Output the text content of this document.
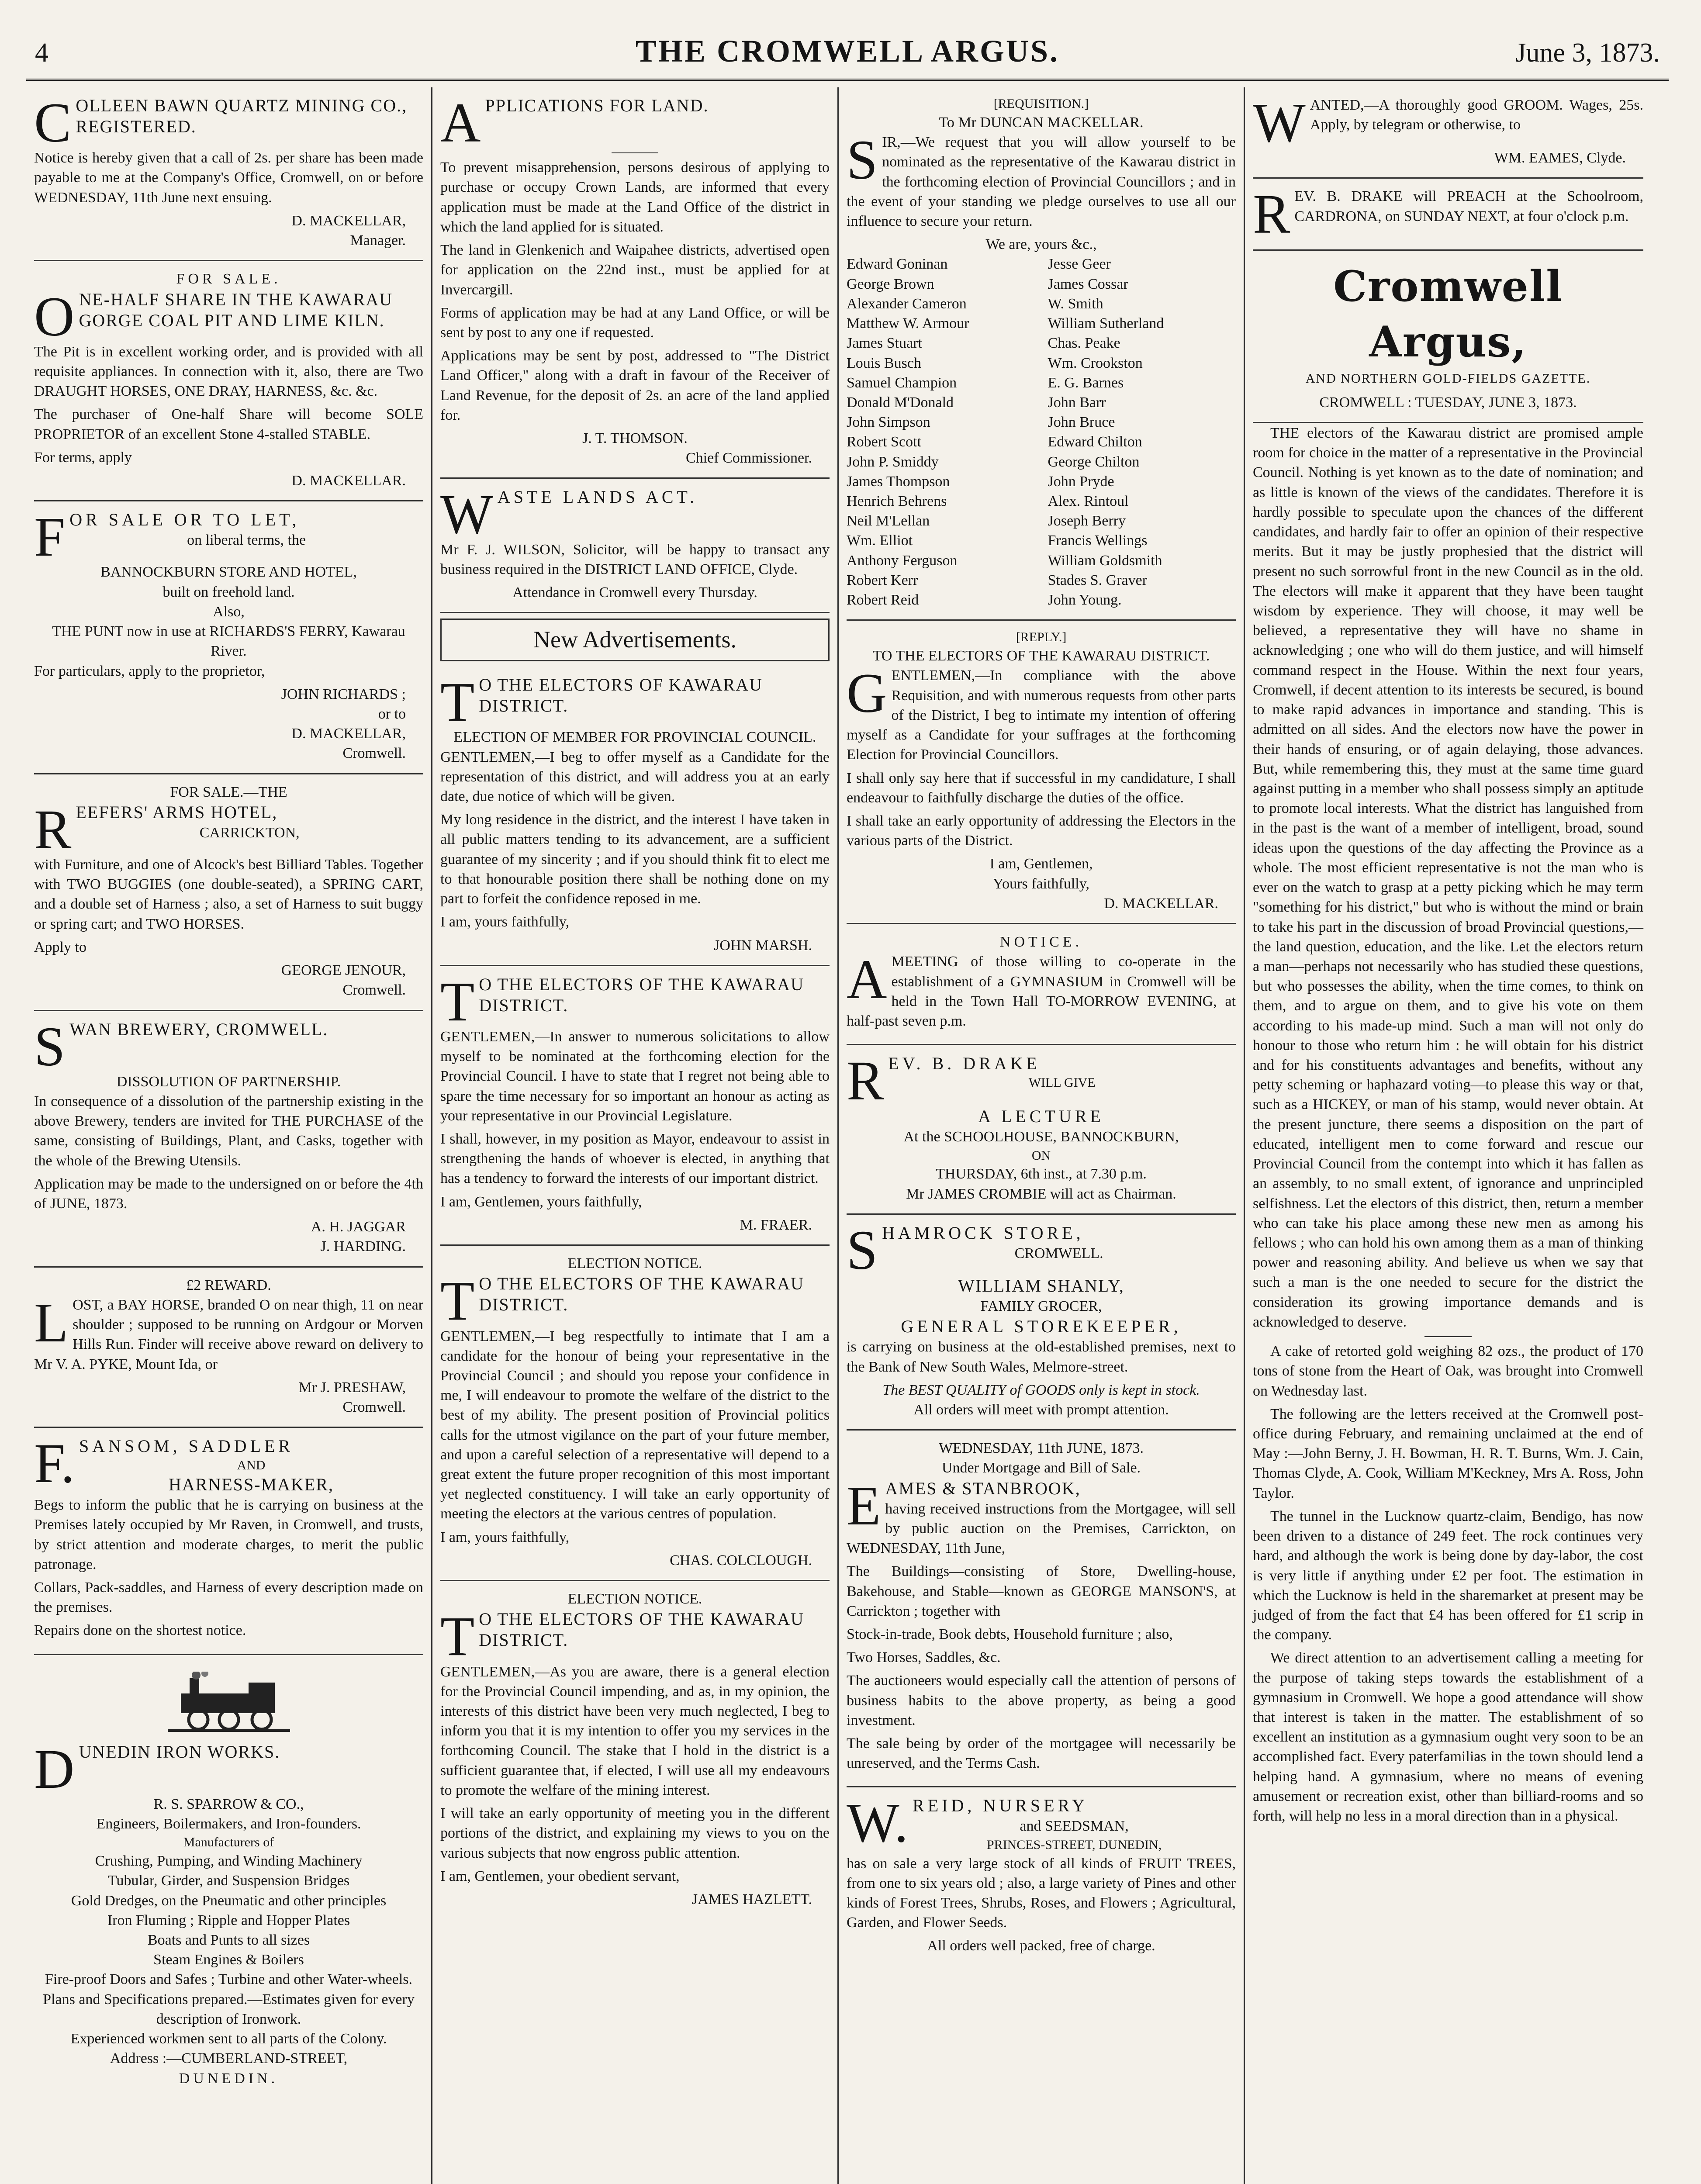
4	THE CROMWELL ARGUS.	June 3, 1873.
C OLLEEN BAWN QUARTZ MINING CO., REGISTERED.

Notice is hereby given that a call of 2s. per share has been made payable to me at the Company's Office, Cromwell, on or before WEDNESDAY, 11th June next ensuing.

D. MACKELLAR,
Manager.
FOR SALE.
O NE-HALF SHARE IN THE KAWARAU GORGE COAL PIT AND LIME KILN.

The Pit is in excellent working order, and is provided with all requisite appliances. In connection with it, also, there are Two DRAUGHT HORSES, ONE DRAY, HARNESS, &c. &c.

The purchaser of One-half Share will become SOLE PROPRIETOR of an excellent Stone 4-stalled STABLE.

For terms, apply

D. MACKELLAR.
F OR SALE OR TO LET,
on liberal terms, the
BANNOCKBURN STORE AND HOTEL,
built on freehold land.
Also,
THE PUNT now in use at RICHARDS'S FERRY, Kawarau River.

For particulars, apply to the proprietor,

JOHN RICHARDS ;
or to
D. MACKELLAR,
Cromwell.
FOR SALE.—THE
R EEFERS' ARMS HOTEL,
CARRICKTON,

with Furniture, and one of Alcock's best Billiard Tables. Together with TWO BUGGIES (one double-seated), a SPRING CART, and a double set of Harness ; also, a set of Harness to suit buggy or spring cart; and TWO HORSES.

Apply to

GEORGE JENOUR,
Cromwell.
S WAN BREWERY, CROMWELL.
DISSOLUTION OF PARTNERSHIP.

In consequence of a dissolution of the partnership existing in the above Brewery, tenders are invited for THE PURCHASE of the same, consisting of Buildings, Plant, and Casks, together with the whole of the Brewing Utensils.

Application may be made to the undersigned on or before the 4th of JUNE, 1873.

A. H. JAGGAR
J. HARDING.
£2 REWARD.
L OST, a BAY HORSE, branded O on near thigh, 11 on near shoulder ; supposed to be running on Ardgour or Morven Hills Run. Finder will receive above reward on delivery to Mr V. A. PYKE, Mount Ida, or

Mr J. PRESHAW,
Cromwell.
F. SANSOM, SADDLER
AND
HARNESS-MAKER,

Begs to inform the public that he is carrying on business at the Premises lately occupied by Mr Raven, in Cromwell, and trusts, by strict attention and moderate charges, to merit the public patronage.

Collars, Pack-saddles, and Harness of every description made on the premises.

Repairs done on the shortest notice.

D UNEDIN IRON WORKS.
R. S. SPARROW & CO.,
Engineers, Boilermakers, and Iron-founders.
Manufacturers of
Crushing, Pumping, and Winding Machinery
Tubular, Girder, and Suspension Bridges
Gold Dredges, on the Pneumatic and other principles
Iron Fluming ; Ripple and Hopper Plates
Boats and Punts to all sizes
Steam Engines & Boilers
Fire-proof Doors and Safes ; Turbine and other Water-wheels.
Plans and Specifications prepared.—Estimates given for every description of Ironwork.
Experienced workmen sent to all parts of the Colony.
Address :—CUMBERLAND-STREET,
DUNEDIN.
A PPLICATIONS FOR LAND.

To prevent misapprehension, persons desirous of applying to purchase or occupy Crown Lands, are informed that every application must be made at the Land Office of the district in which the land applied for is situated.

The land in Glenkenich and Waipahee districts, advertised open for application on the 22nd inst., must be applied for at Invercargill.

Forms of application may be had at any Land Office, or will be sent by post to any one if requested.

Applications may be sent by post, addressed to "The District Land Officer," along with a draft in favour of the Receiver of Land Revenue, for the deposit of 2s. an acre of the land applied for.

J. T. THOMSON.
Chief Commissioner.
W ASTE LANDS ACT.

Mr F. J. WILSON, Solicitor, will be happy to transact any business required in the DISTRICT LAND OFFICE, Clyde.

Attendance in Cromwell every Thursday.
New Advertisements.
T O THE ELECTORS OF KAWARAU DISTRICT.
ELECTION OF MEMBER FOR PROVINCIAL COUNCIL.

GENTLEMEN,—I beg to offer myself as a Candidate for the representation of this district, and will address you at an early date, due notice of which will be given.

My long residence in the district, and the interest I have taken in all public matters tending to its advancement, are a sufficient guarantee of my sincerity ; and if you should think fit to elect me to that honourable position there shall be nothing done on my part to forfeit the confidence reposed in me.

I am, yours faithfully,

JOHN MARSH.
T O THE ELECTORS OF THE KAWARAU DISTRICT.

GENTLEMEN,—In answer to numerous solicitations to allow myself to be nominated at the forthcoming election for the Provincial Council. I have to state that I regret not being able to spare the time necessary for so important an honour as acting as your representative in our Provincial Legislature.

I shall, however, in my position as Mayor, endeavour to assist in strengthening the hands of whoever is elected, in anything that has a tendency to forward the interests of our important district.

I am, Gentlemen, yours faithfully,

M. FRAER.
ELECTION NOTICE.
T O THE ELECTORS OF THE KAWARAU DISTRICT.

GENTLEMEN,—I beg respectfully to intimate that I am a candidate for the honour of being your representative in the Provincial Council ; and should you repose your confidence in me, I will endeavour to promote the welfare of the district to the best of my ability. The present position of Provincial politics calls for the utmost vigilance on the part of your future member, and upon a careful selection of a representative will depend to a great extent the future proper recognition of this most important yet neglected constituency. I will take an early opportunity of meeting the electors at the various centres of population.

I am, yours faithfully,

CHAS. COLCLOUGH.
ELECTION NOTICE.
T O THE ELECTORS OF THE KAWARAU DISTRICT.

GENTLEMEN,—As you are aware, there is a general election for the Provincial Council impending, and as, in my opinion, the interests of this district have been very much neglected, I beg to inform you that it is my intention to offer you my services in the forthcoming Council. The stake that I hold in the district is a sufficient guarantee that, if elected, I will use all my endeavours to promote the welfare of the mining interest.

I will take an early opportunity of meeting you in the different portions of the district, and explaining my views to you on the various subjects that now engross public attention.

I am, Gentlemen, your obedient servant,

JAMES HAZLETT.
[REQUISITION.]
To Mr DUNCAN MACKELLAR.
S IR,—We request that you will allow yourself to be nominated as the representative of the Kawarau district in the forthcoming election of Provincial Councillors ; and in the event of your standing we pledge ourselves to use all our influence to secure your return.

We are, yours &c.,
Edward Goninan	Jesse Geer
George Brown	James Cossar
Alexander Cameron	W. Smith
Matthew W. Armour	William Sutherland
James Stuart	Chas. Peake
Louis Busch	Wm. Crookston
Samuel Champion	E. G. Barnes
Donald M'Donald	John Barr
John Simpson	John Bruce
Robert Scott	Edward Chilton
John P. Smiddy	George Chilton
James Thompson	John Pryde
Henrich Behrens	Alex. Rintoul
Neil M'Lellan	Joseph Berry
Wm. Elliot	Francis Wellings
Anthony Ferguson	William Goldsmith
Robert Kerr	Stades S. Graver
Robert Reid	John Young.
[REPLY.]
TO THE ELECTORS OF THE KAWARAU DISTRICT.
G ENTLEMEN,—In compliance with the above Requisition, and with numerous requests from other parts of the District, I beg to intimate my intention of offering myself as a Candidate for your suffrages at the forthcoming Election for Provincial Councillors.

I shall only say here that if successful in my candidature, I shall endeavour to faithfully discharge the duties of the office.

I shall take an early opportunity of addressing the Electors in the various parts of the District.

I am, Gentlemen,
Yours faithfully,
D. MACKELLAR.
NOTICE.
A MEETING of those willing to co-operate in the establishment of a GYMNASIUM in Cromwell will be held in the Town Hall TO-MORROW EVENING, at half-past seven p.m.

R EV. B. DRAKE
WILL GIVE
A LECTURE
At the SCHOOLHOUSE, BANNOCKBURN,
ON
THURSDAY, 6th inst., at 7.30 p.m.
Mr JAMES CROMBIE will act as Chairman.
S HAMROCK STORE,
CROMWELL.
WILLIAM SHANLY,
FAMILY GROCER,
GENERAL STOREKEEPER,

is carrying on business at the old-established premises, next to the Bank of New South Wales, Melmore-street.

The BEST QUALITY of GOODS only is kept in stock.
All orders will meet with prompt attention.
WEDNESDAY, 11th JUNE, 1873.
Under Mortgage and Bill of Sale.
E AMES & STANBROOK,

having received instructions from the Mortgagee, will sell by public auction on the Premises, Carrickton, on WEDNESDAY, 11th June,

The Buildings—consisting of Store, Dwelling-house, Bakehouse, and Stable—known as GEORGE MANSON'S, at Carrickton ; together with

Stock-in-trade, Book debts, Household furniture ; also,

Two Horses, Saddles, &c.

The auctioneers would especially call the attention of persons of business habits to the above property, as being a good investment.

The sale being by order of the mortgagee will necessarily be unreserved, and the Terms Cash.

W. REID, NURSERY
and SEEDSMAN,
PRINCES-STREET, DUNEDIN,

has on sale a very large stock of all kinds of FRUIT TREES, from one to six years old ; also, a large variety of Pines and other kinds of Forest Trees, Shrubs, Roses, and Flowers ; Agricultural, Garden, and Flower Seeds.

All orders well packed, free of charge.
W ANTED,—A thoroughly good GROOM. Wages, 25s. Apply, by telegram or otherwise, to

WM. EAMES, Clyde.
R EV. B. DRAKE will PREACH at the Schoolroom, CARDRONA, on SUNDAY NEXT, at four o'clock p.m.

Cromwell Argus,
AND NORTHERN GOLD-FIELDS GAZETTE.
CROMWELL : TUESDAY, JUNE 3, 1873.

THE electors of the Kawarau district are promised ample room for choice in the matter of a representative in the Provincial Council. Nothing is yet known as to the date of nomination; and as little is known of the views of the candidates. Therefore it is hardly possible to speculate upon the chances of the different candidates, and hardly fair to offer an opinion of their respective merits. But it may be justly prophesied that the district will present no such sorrowful front in the new Council as in the old. The electors will make it apparent that they have been taught wisdom by experience. They will choose, it may well be believed, a representative they will have no shame in acknowledging ; one who will do them justice, and will himself command respect in the House. Within the next four years, Cromwell, if decent attention to its interests be secured, is bound to make rapid advances in importance and standing. This is admitted on all sides. And the electors now have the power in their hands of ensuring, or of again delaying, those advances. But, while remembering this, they must at the same time guard against putting in a member who shall possess simply an aptitude to promote local interests. What the district has languished from in the past is the want of a member of intelligent, broad, sound ideas upon the questions of the day affecting the Province as a whole. The most efficient representative is not the man who is ever on the watch to grasp at a petty picking which he may term "something for his district," but who is without the mind or brain to take his part in the discussion of broad Provincial questions,—the land question, education, and the like. Let the electors return a man—perhaps not necessarily who has studied these questions, but who possesses the ability, when the time comes, to think on them, and to argue on them, and to give his vote on them according to his made-up mind. Such a man will not only do honour to those who return him : he will obtain for his district and for his constituents advantages and benefits, without any petty scheming or haphazard voting—to please this way or that, such as a HICKEY, or man of his stamp, would never obtain. At the present juncture, there seems a disposition on the part of educated, intelligent men to come forward and rescue our Provincial Council from the contempt into which it has fallen as an assembly, to no small extent, of ignorance and unprincipled selfishness. Let the electors of this district, then, return a member who can take his place among these new men as among his fellows ; who can hold his own among them as a man of thinking power and reasoning ability. And believe us when we say that such a man is the one needed to secure for the district the consideration its growing importance demands and is acknowledged to deserve.

A cake of retorted gold weighing 82 ozs., the product of 170 tons of stone from the Heart of Oak, was brought into Cromwell on Wednesday last.

The following are the letters received at the Cromwell post-office during February, and remaining unclaimed at the end of May :—John Berny, J. H. Bowman, H. R. T. Burns, Wm. J. Cain, Thomas Clyde, A. Cook, William M'Keckney, Mrs A. Ross, John Taylor.

The tunnel in the Lucknow quartz-claim, Bendigo, has now been driven to a distance of 249 feet. The rock continues very hard, and although the work is being done by day-labor, the cost is very little if anything under £2 per foot. The estimation in which the Lucknow is held in the sharemarket at present may be judged of from the fact that £4 has been offered for £1 scrip in the company.

We direct attention to an advertisement calling a meeting for the purpose of taking steps towards the establishment of a gymnasium in Cromwell. We hope a good attendance will show that interest is taken in the matter. The establishment of so excellent an institution as a gymnasium ought very soon to be an accomplished fact. Every paterfamilias in the town should lend a helping hand. A gymnasium, where no means of evening amusement or recreation exist, other than billiard-rooms and so forth, will help no less in a moral direction than in a physical.
